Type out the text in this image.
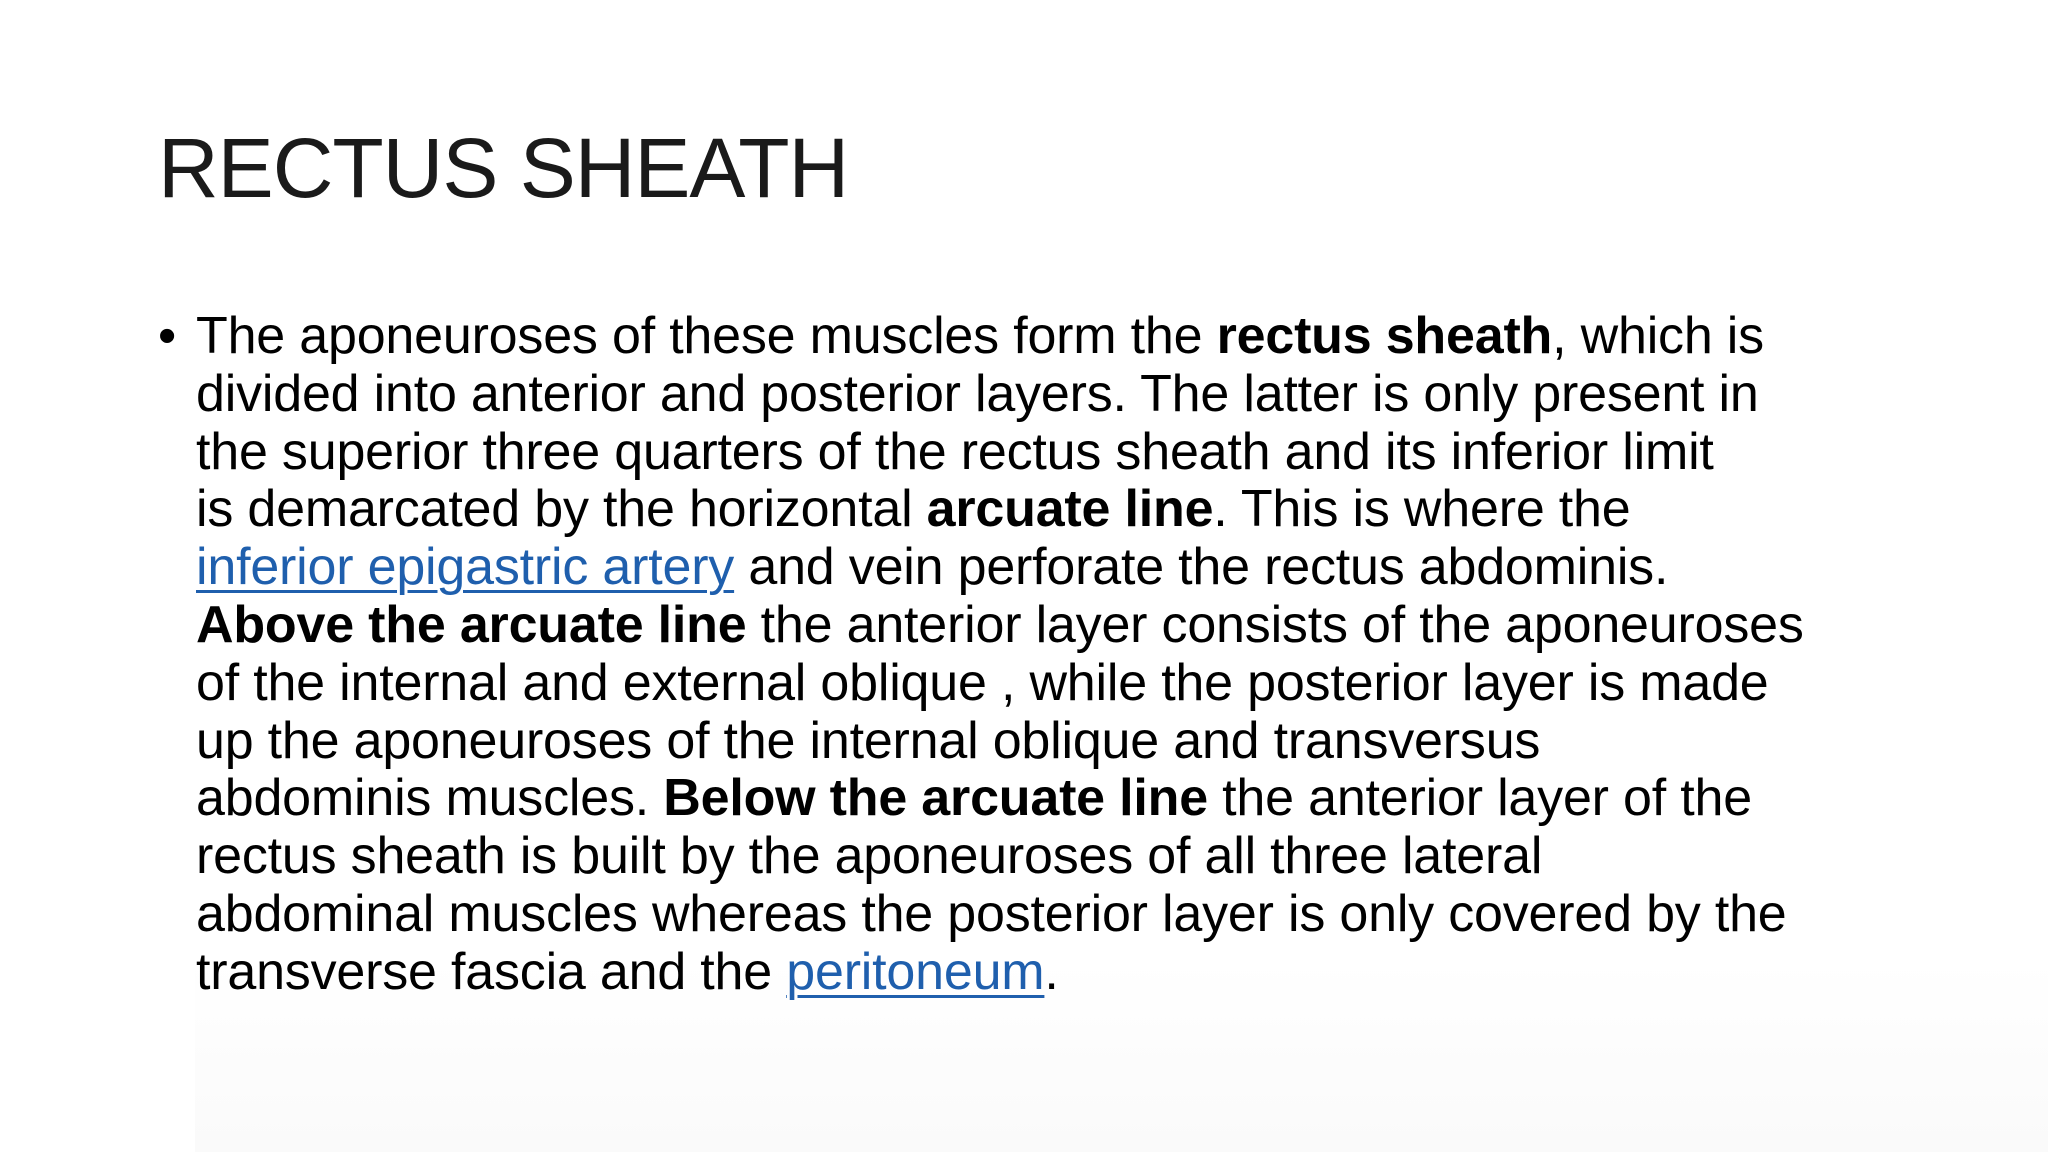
RECTUS SHEATH
• The aponeuroses of these muscles form the rectus sheath, which is
divided into anterior and posterior layers. The latter is only present in
the superior three quarters of the rectus sheath and its inferior limit
is demarcated by the horizontal arcuate line. This is where the
inferior epigastric artery and vein perforate the rectus abdominis.
Above the arcuate line the anterior layer consists of the aponeuroses
of the internal and external oblique , while the posterior layer is made
up the aponeuroses of the internal oblique and transversus
abdominis muscles. Below the arcuate line the anterior layer of the
rectus sheath is built by the aponeuroses of all three lateral
abdominal muscles whereas the posterior layer is only covered by the
transverse fascia and the peritoneum.
